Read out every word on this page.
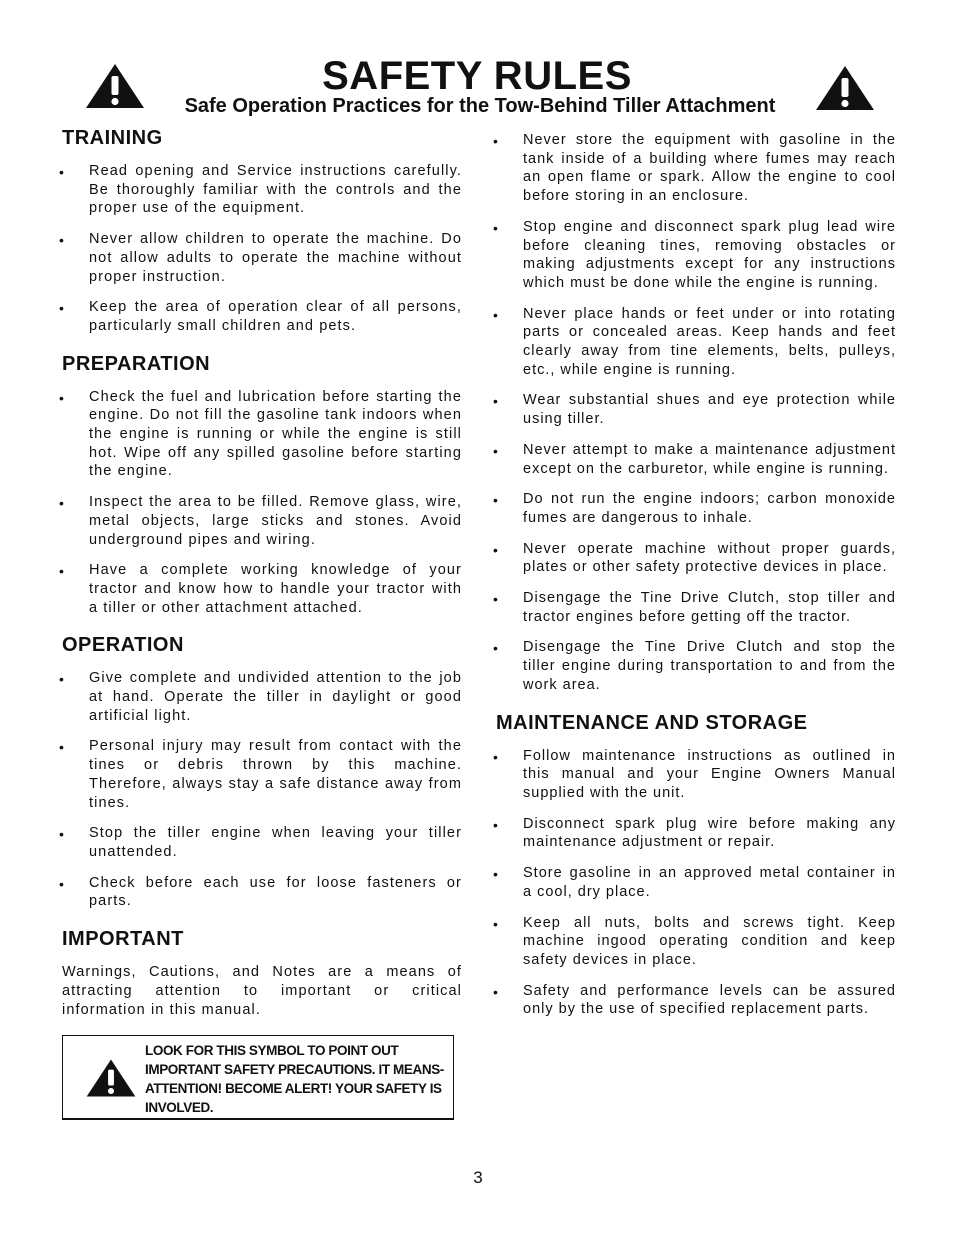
SAFETY RULES
Safe Operation Practices for the Tow-Behind Tiller Attachment
TRAINING
• Read opening and Service instructions carefully. Be thoroughly familiar with the controls and the proper use of the equipment.
• Never allow children to operate the machine. Do not allow adults to operate the machine without proper instruction.
• Keep the area of operation clear of all persons, particularly small children and pets.
PREPARATION
• Check the fuel and lubrication before starting the engine. Do not fill the gasoline tank indoors when the engine is running or while the engine is still hot. Wipe off any spilled gasoline before starting the engine.
• Inspect the area to be filled. Remove glass, wire, metal objects, large sticks and stones. Avoid underground pipes and wiring.
• Have a complete working knowledge of your tractor and know how to handle your tractor with a tiller or other attachment attached.
OPERATION
• Give complete and undivided attention to the job at hand. Operate the tiller in daylight or good artificial light.
• Personal injury may result from contact with the tines or debris thrown by this machine. Therefore, always stay a safe distance away from tines.
• Stop the tiller engine when leaving your tiller unattended.
• Check before each use for loose fasteners or parts.
IMPORTANT

Warnings, Cautions, and Notes are a means of attracting attention to important or critical information in this manual.

LOOK FOR THIS SYMBOL TO POINT OUT IMPORTANT SAFETY PRECAUTIONS. IT MEANS-ATTENTION! BECOME ALERT! YOUR SAFETY IS INVOLVED.

• Never store the equipment with gasoline in the tank inside of a building where fumes may reach an open flame or spark. Allow the engine to cool before storing in an enclosure.
• Stop engine and disconnect spark plug lead wire before cleaning tines, removing obstacles or making adjustments except for any instructions which must be done while the engine is running.
• Never place hands or feet under or into rotating parts or concealed areas. Keep hands and feet clearly away from tine elements, belts, pulleys, etc., while engine is running.
• Wear substantial shues and eye protection while using tiller.
• Never attempt to make a maintenance adjustment except on the carburetor, while engine is running.
• Do not run the engine indoors; carbon monoxide fumes are dangerous to inhale.
• Never operate machine without proper guards, plates or other safety protective devices in place.
• Disengage the Tine Drive Clutch, stop tiller and tractor engines before getting off the tractor.
• Disengage the Tine Drive Clutch and stop the tiller engine during transportation to and from the work area.
MAINTENANCE AND STORAGE
• Follow maintenance instructions as outlined in this manual and your Engine Owners Manual supplied with the unit.
• Disconnect spark plug wire before making any maintenance adjustment or repair.
• Store gasoline in an approved metal container in a cool, dry place.
• Keep all nuts, bolts and screws tight. Keep machine ingood operating condition and keep safety devices in place.
• Safety and performance levels can be assured only by the use of specified replacement parts.

3
